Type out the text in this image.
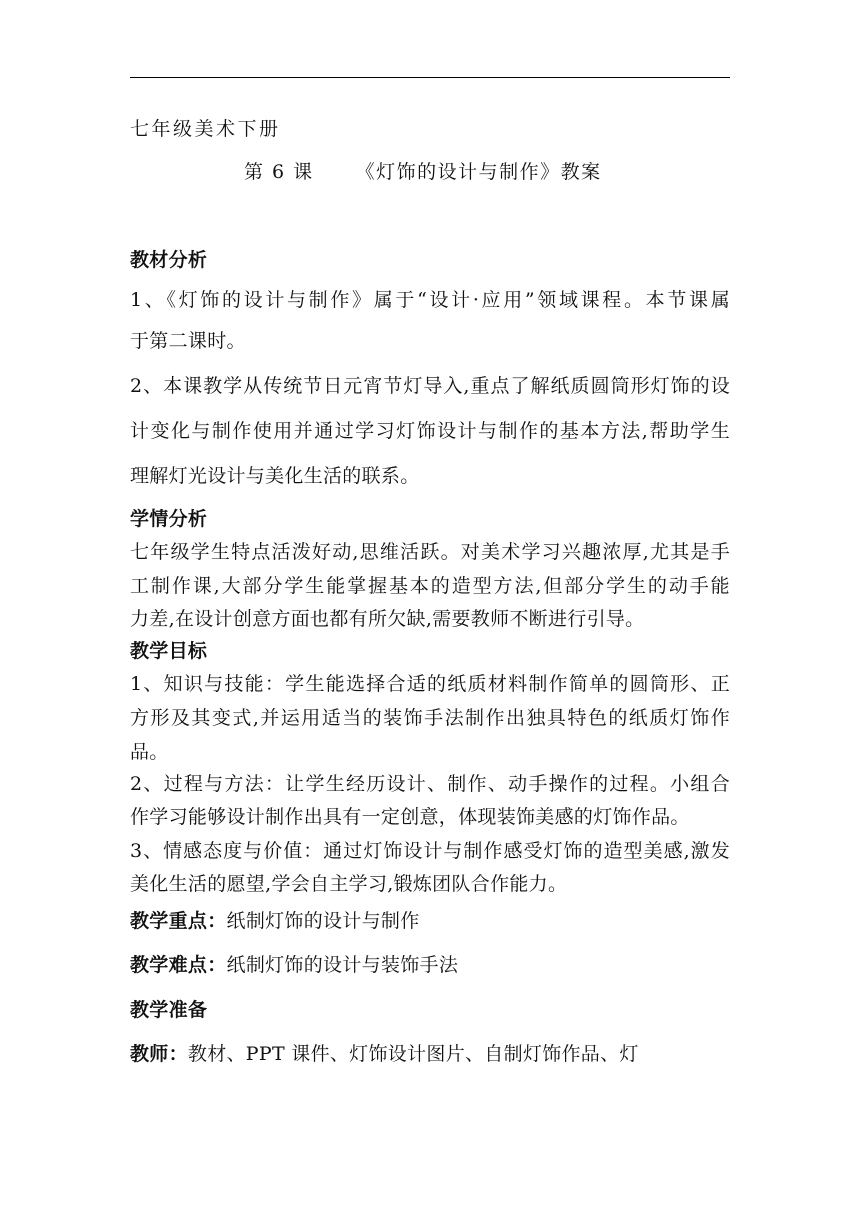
七年级美术下册
第 6 课 《灯饰的设计与制作》教案
教材分析
1、《灯饰的设计与制作》属于“设计·应用”领域课程。本节课属
于第二课时。
2、本课教学从传统节日元宵节灯导入,重点了解纸质圆筒形灯饰的设
计变化与制作使用并通过学习灯饰设计与制作的基本方法,帮助学生
理解灯光设计与美化生活的联系。
学情分析
七年级学生特点活泼好动,思维活跃。对美术学习兴趣浓厚,尤其是手
工制作课,大部分学生能掌握基本的造型方法,但部分学生的动手能
力差,在设计创意方面也都有所欠缺,需要教师不断进行引导。
教学目标
1、知识与技能：学生能选择合适的纸质材料制作简单的圆筒形、正
方形及其变式,并运用适当的装饰手法制作出独具特色的纸质灯饰作
品。
2、过程与方法：让学生经历设计、制作、动手操作的过程。小组合
作学习能够设计制作出具有一定创意，体现装饰美感的灯饰作品。
3、情感态度与价值：通过灯饰设计与制作感受灯饰的造型美感,激发
美化生活的愿望,学会自主学习,锻炼团队合作能力。
教学重点：纸制灯饰的设计与制作
教学难点：纸制灯饰的设计与装饰手法
教学准备
教师：教材、PPT 课件、灯饰设计图片、自制灯饰作品、灯
